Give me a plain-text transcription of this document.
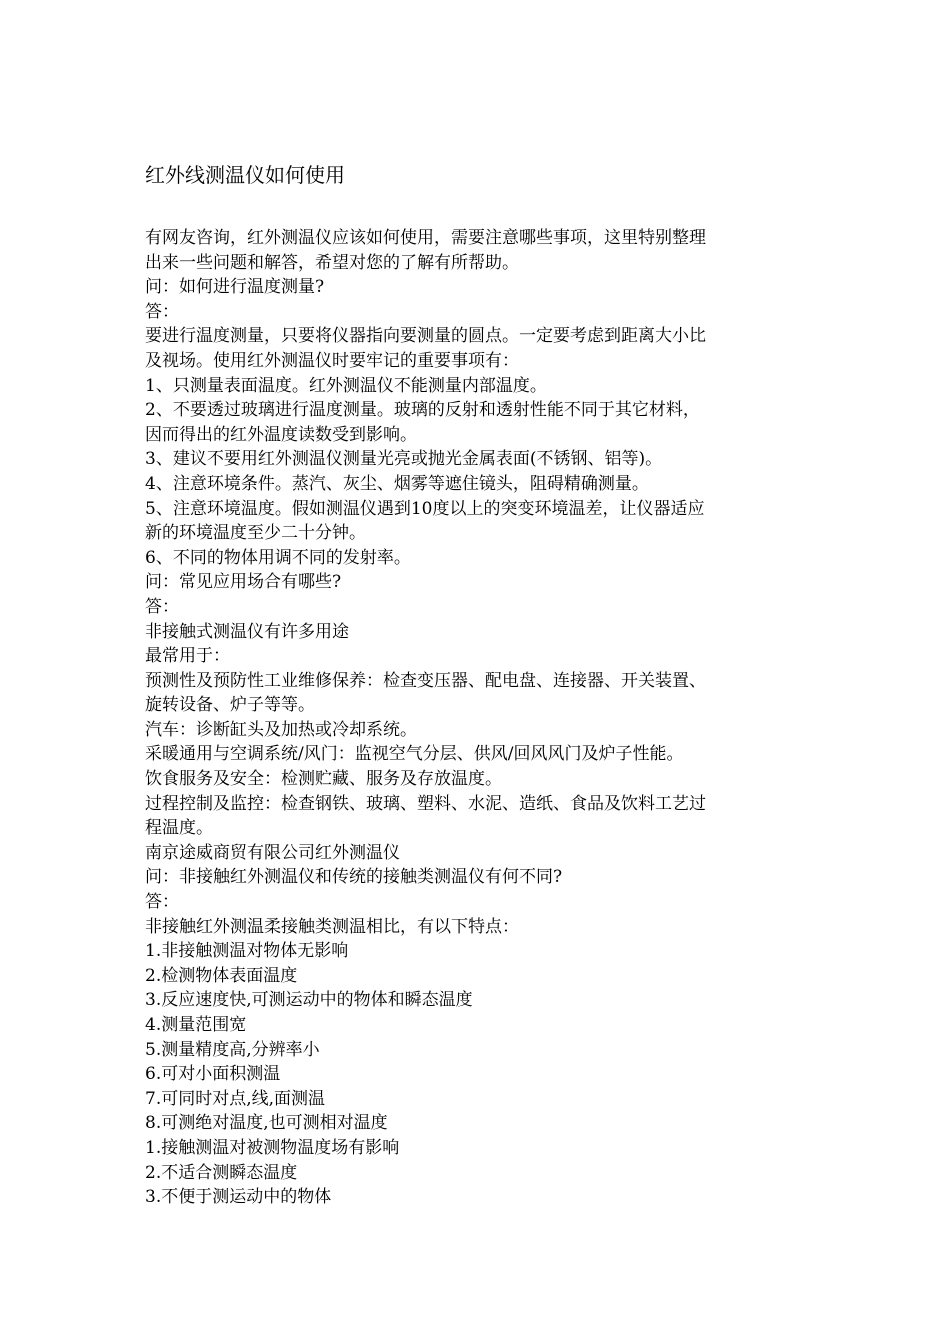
红外线测温仪如何使用
有网友咨询，红外测温仪应该如何使用，需要注意哪些事项，这里特别整理
出来一些问题和解答，希望对您的了解有所帮助。
问：如何进行温度测量?
答：
要进行温度测量，只要将仪器指向要测量的圆点。一定要考虑到距离大小比
及视场。使用红外测温仪时要牢记的重要事项有：
1、只测量表面温度。红外测温仪不能测量内部温度。
2、不要透过玻璃进行温度测量。玻璃的反射和透射性能不同于其它材料，
因而得出的红外温度读数受到影响。
3、建议不要用红外测温仪测量光亮或抛光金属表面(不锈钢、铝等)。
4、注意环境条件。蒸汽、灰尘、烟雾等遮住镜头，阻碍精确测量。
5、注意环境温度。假如测温仪遇到10度以上的突变环境温差，让仪器适应
新的环境温度至少二十分钟。
6、不同的物体用调不同的发射率。
问：常见应用场合有哪些?
答：
非接触式测温仪有许多用途
最常用于：
预测性及预防性工业维修保养：检查变压器、配电盘、连接器、开关装置、
旋转设备、炉子等等。
汽车：诊断缸头及加热或冷却系统。
采暖通用与空调系统/风门：监视空气分层、供风/回风风门及炉子性能。
饮食服务及安全：检测贮藏、服务及存放温度。
过程控制及监控：检查钢铁、玻璃、塑料、水泥、造纸、食品及饮料工艺过
程温度。
南京途威商贸有限公司红外测温仪
问：非接触红外测温仪和传统的接触类测温仪有何不同?
答：
非接触红外测温柔接触类测温相比，有以下特点：
1.非接触测温对物体无影响
2.检测物体表面温度
3.反应速度快,可测运动中的物体和瞬态温度
4.测量范围宽
5.测量精度高,分辨率小
6.可对小面积测温
7.可同时对点,线,面测温
8.可测绝对温度,也可测相对温度
1.接触测温对被测物温度场有影响
2.不适合测瞬态温度
3.不便于测运动中的物体
